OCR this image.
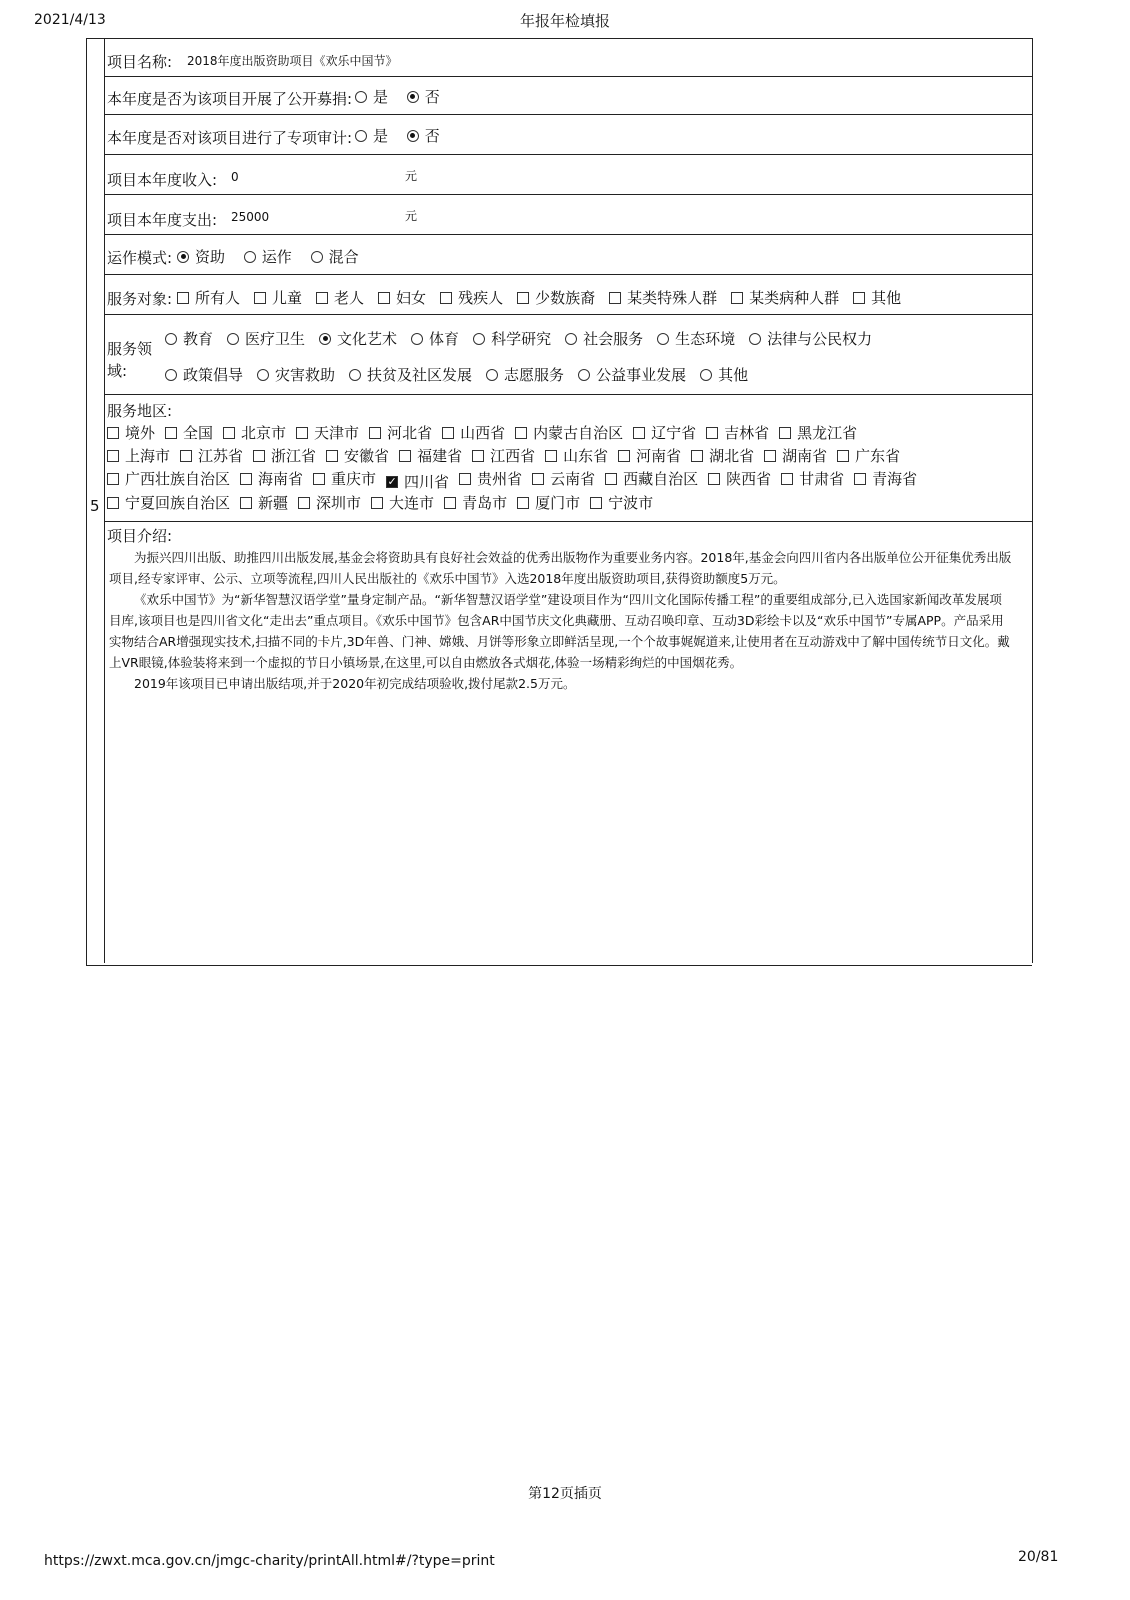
2021/4/13	年报年检填报
5
项目名称: 2018年度出版资助项目《欢乐中国节》
本年度是否为该项目开展了公开募捐: 是
否
本年度是否对该项目进行了专项审计: 是
否
项目本年度收入: 0	元
项目本年度支出: 25000	元
运作模式: 资助
运作
混合
服务对象: 所有人 儿童 老人 妇女 残疾人 少数族裔 某类特殊人群 某类病种人群 其他
服务领
域:
教育 医疗卫生 文化艺术 体育 科学研究 社会服务 生态环境 法律与公民权力
政策倡导 灾害救助 扶贫及社区发展 志愿服务 公益事业发展 其他
服务地区:
境外 全国 北京市 天津市 河北省 山西省 内蒙古自治区 辽宁省 吉林省 黑龙江省
上海市 江苏省 浙江省 安徽省 福建省 江西省 山东省 河南省 湖北省 湖南省 广东省
广西壮族自治区 海南省 重庆市 ✓ 四川省 贵州省 云南省 西藏自治区 陕西省 甘肃省 青海省
宁夏回族自治区 新疆 深圳市 大连市 青岛市 厦门市 宁波市
项目介绍:

为振兴四川出版、助推四川出版发展,基金会将资助具有良好社会效益的优秀出版物作为重要业务内容。2018年,基金会向四川省内各出版单位公开征集优秀出版项目,经专家评审、公示、立项等流程,四川人民出版社的《欢乐中国节》入选2018年度出版资助项目,获得资助额度5万元。

《欢乐中国节》为“新华智慧汉语学堂”量身定制产品。“新华智慧汉语学堂”建设项目作为“四川文化国际传播工程”的重要组成部分,已入选国家新闻改革发展项目库,该项目也是四川省文化“走出去”重点项目。《欢乐中国节》包含AR中国节庆文化典藏册、互动召唤印章、互动3D彩绘卡以及“欢乐中国节”专属APP。产品采用实物结合AR增强现实技术,扫描不同的卡片,3D年兽、门神、嫦娥、月饼等形象立即鲜活呈现,一个个故事娓娓道来,让使用者在互动游戏中了解中国传统节日文化。戴上VR眼镜,体验装将来到一个虚拟的节日小镇场景,在这里,可以自由燃放各式烟花,体验一场精彩绚烂的中国烟花秀。

2019年该项目已申请出版结项,并于2020年初完成结项验收,拨付尾款2.5万元。

第12页插页
https://zwxt.mca.gov.cn/jmgc-charity/printAll.html#/?type=print	20/81
